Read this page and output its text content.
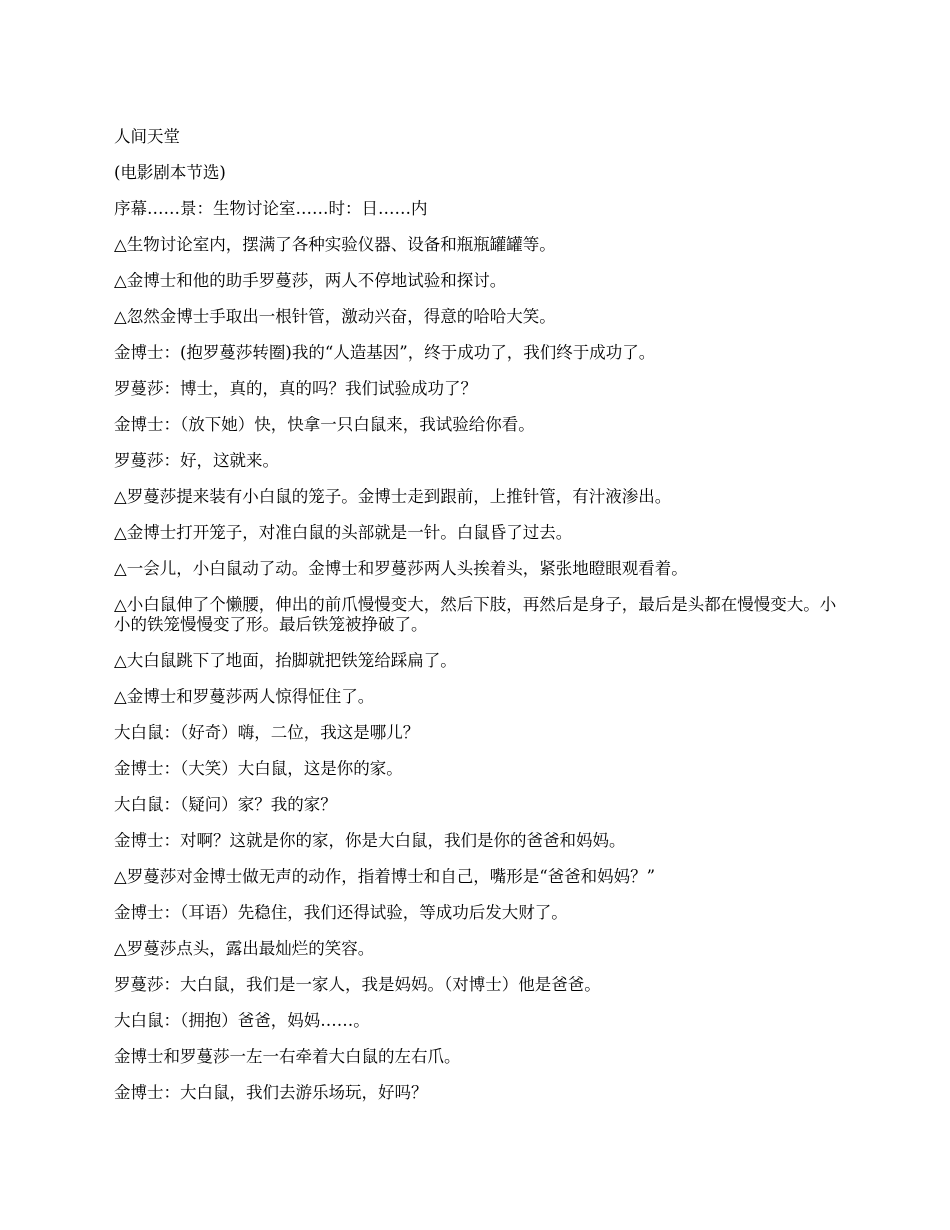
人间天堂

(电影剧本节选)

序幕……景：生物讨论室……时：日……内

△生物讨论室内，摆满了各种实验仪器、设备和瓶瓶罐罐等。

△金博士和他的助手罗蔓莎，两人不停地试验和探讨。

△忽然金博士手取出一根针管，激动兴奋，得意的哈哈大笑。

金博士：(抱罗蔓莎转圈)我的“人造基因”，终于成功了，我们终于成功了。

罗蔓莎：博士，真的，真的吗？我们试验成功了？

金博士：（放下她）快，快拿一只白鼠来，我试验给你看。

罗蔓莎：好，这就来。

△罗蔓莎提来装有小白鼠的笼子。金博士走到跟前，上推针管，有汁液渗出。

△金博士打开笼子，对准白鼠的头部就是一针。白鼠昏了过去。

△一会儿，小白鼠动了动。金博士和罗蔓莎两人头挨着头，紧张地瞪眼观看着。

△小白鼠伸了个懒腰，伸出的前爪慢慢变大，然后下肢，再然后是身子，最后是头都在慢慢变大。小小的铁笼慢慢变了形。最后铁笼被挣破了。

△大白鼠跳下了地面，抬脚就把铁笼给踩扁了。

△金博士和罗蔓莎两人惊得怔住了。

大白鼠：（好奇）嗨，二位，我这是哪儿？

金博士：（大笑）大白鼠，这是你的家。

大白鼠：（疑问）家？我的家？

金博士：对啊？这就是你的家，你是大白鼠，我们是你的爸爸和妈妈。

△罗蔓莎对金博士做无声的动作，指着博士和自己，嘴形是“爸爸和妈妈？”

金博士：（耳语）先稳住，我们还得试验，等成功后发大财了。

△罗蔓莎点头，露出最灿烂的笑容。

罗蔓莎：大白鼠，我们是一家人，我是妈妈。（对博士）他是爸爸。

大白鼠：（拥抱）爸爸，妈妈……。

金博士和罗蔓莎一左一右牵着大白鼠的左右爪。

金博士：大白鼠，我们去游乐场玩，好吗？
